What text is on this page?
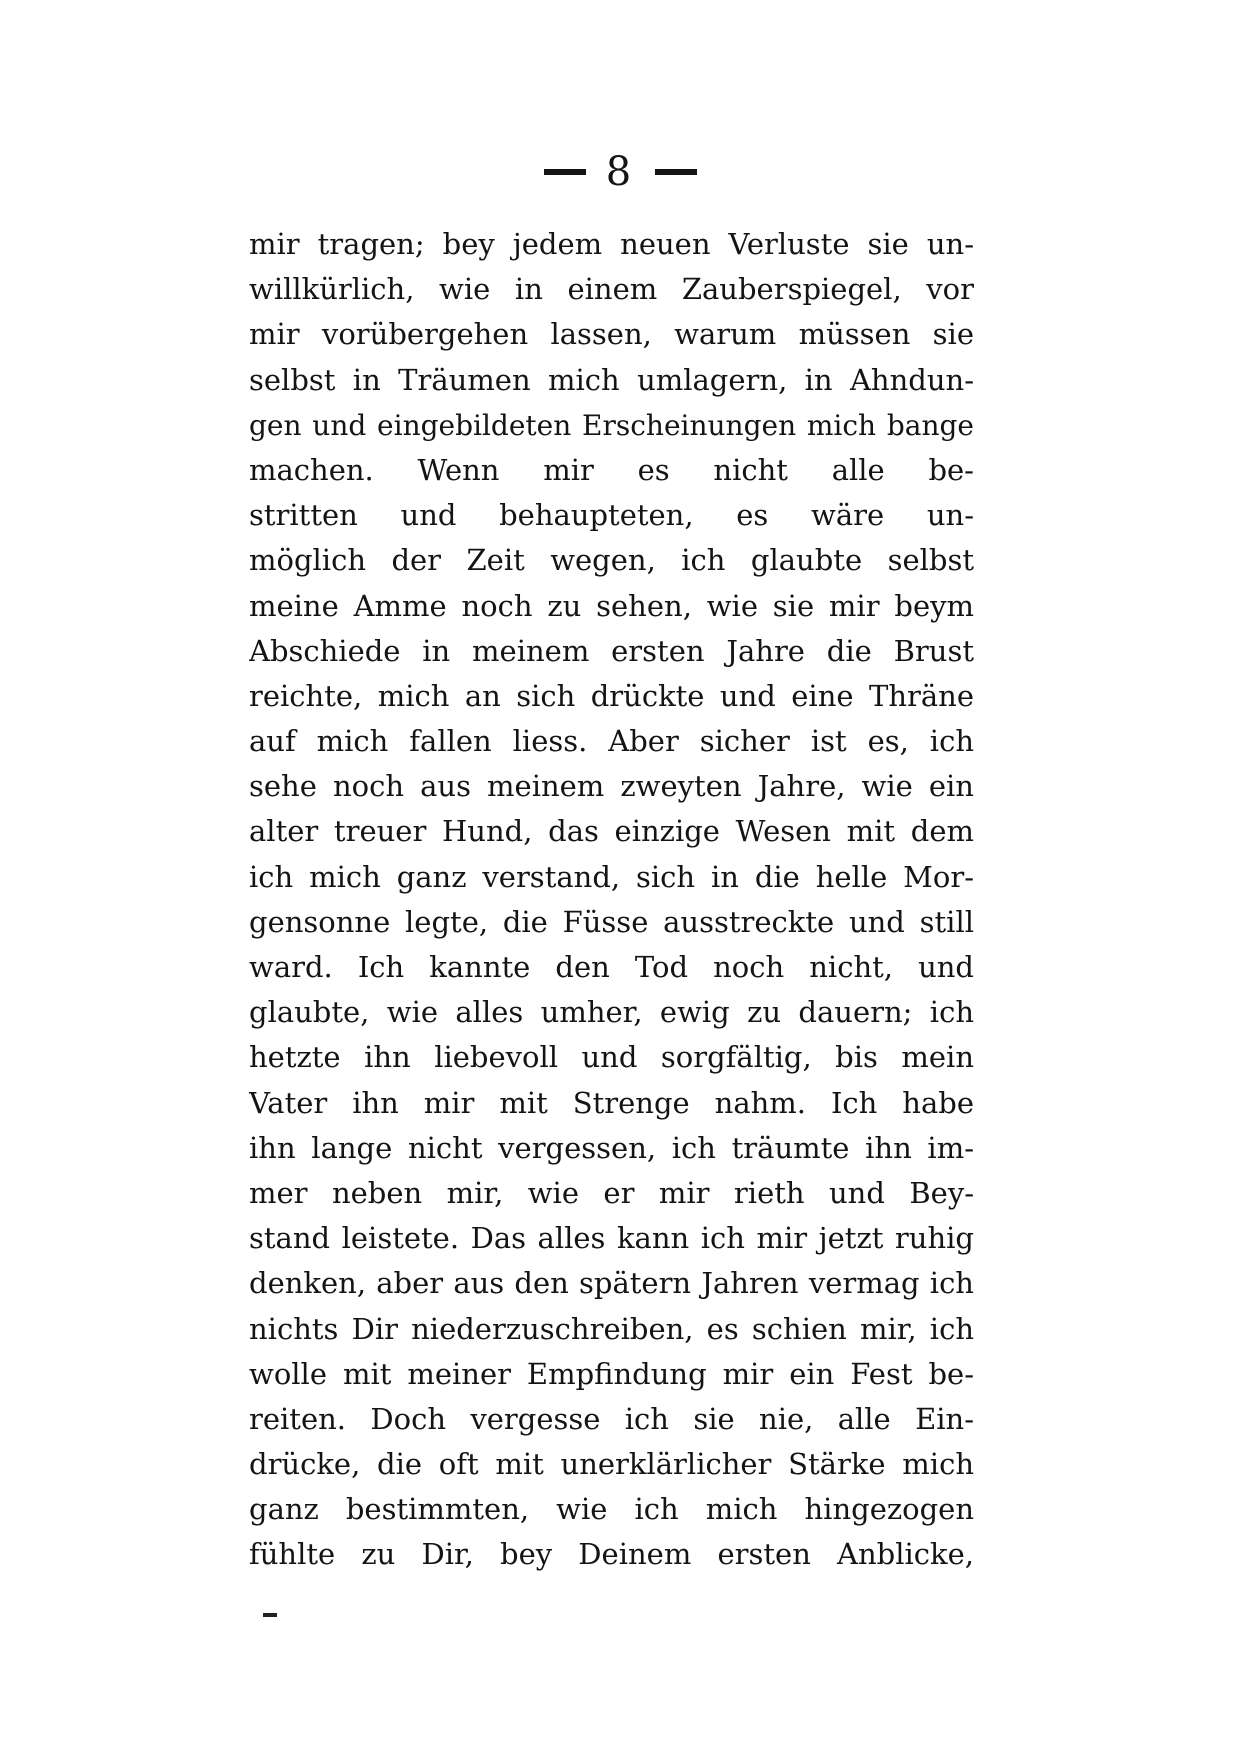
8
mir tragen; bey jedem neuen Verluste sie un-
willkürlich, wie in einem Zauberspiegel, vor
mir vorübergehen lassen, warum müssen sie
selbst in Träumen mich umlagern, in Ahndun-
gen und eingebildeten Erscheinungen mich bange
machen. Wenn mir es nicht alle be-
stritten und behaupteten, es wäre un-
möglich der Zeit wegen, ich glaubte selbst
meine Amme noch zu sehen, wie sie mir beym
Abschiede in meinem ersten Jahre die Brust
reichte, mich an sich drückte und eine Thräne
auf mich fallen liess. Aber sicher ist es, ich
sehe noch aus meinem zweyten Jahre, wie ein
alter treuer Hund, das einzige Wesen mit dem
ich mich ganz verstand, sich in die helle Mor-
gensonne legte, die Füsse ausstreckte und still
ward. Ich kannte den Tod noch nicht, und
glaubte, wie alles umher, ewig zu dauern; ich
hetzte ihn liebevoll und sorgfältig, bis mein
Vater ihn mir mit Strenge nahm. Ich habe
ihn lange nicht vergessen, ich träumte ihn im-
mer neben mir, wie er mir rieth und Bey-
stand leistete. Das alles kann ich mir jetzt ruhig
denken, aber aus den spätern Jahren vermag ich
nichts Dir niederzuschreiben, es schien mir, ich
wolle mit meiner Empfindung mir ein Fest be-
reiten. Doch vergesse ich sie nie, alle Ein-
drücke, die oft mit unerklärlicher Stärke mich
ganz bestimmten, wie ich mich hingezogen
fühlte zu Dir, bey Deinem ersten Anblicke,
